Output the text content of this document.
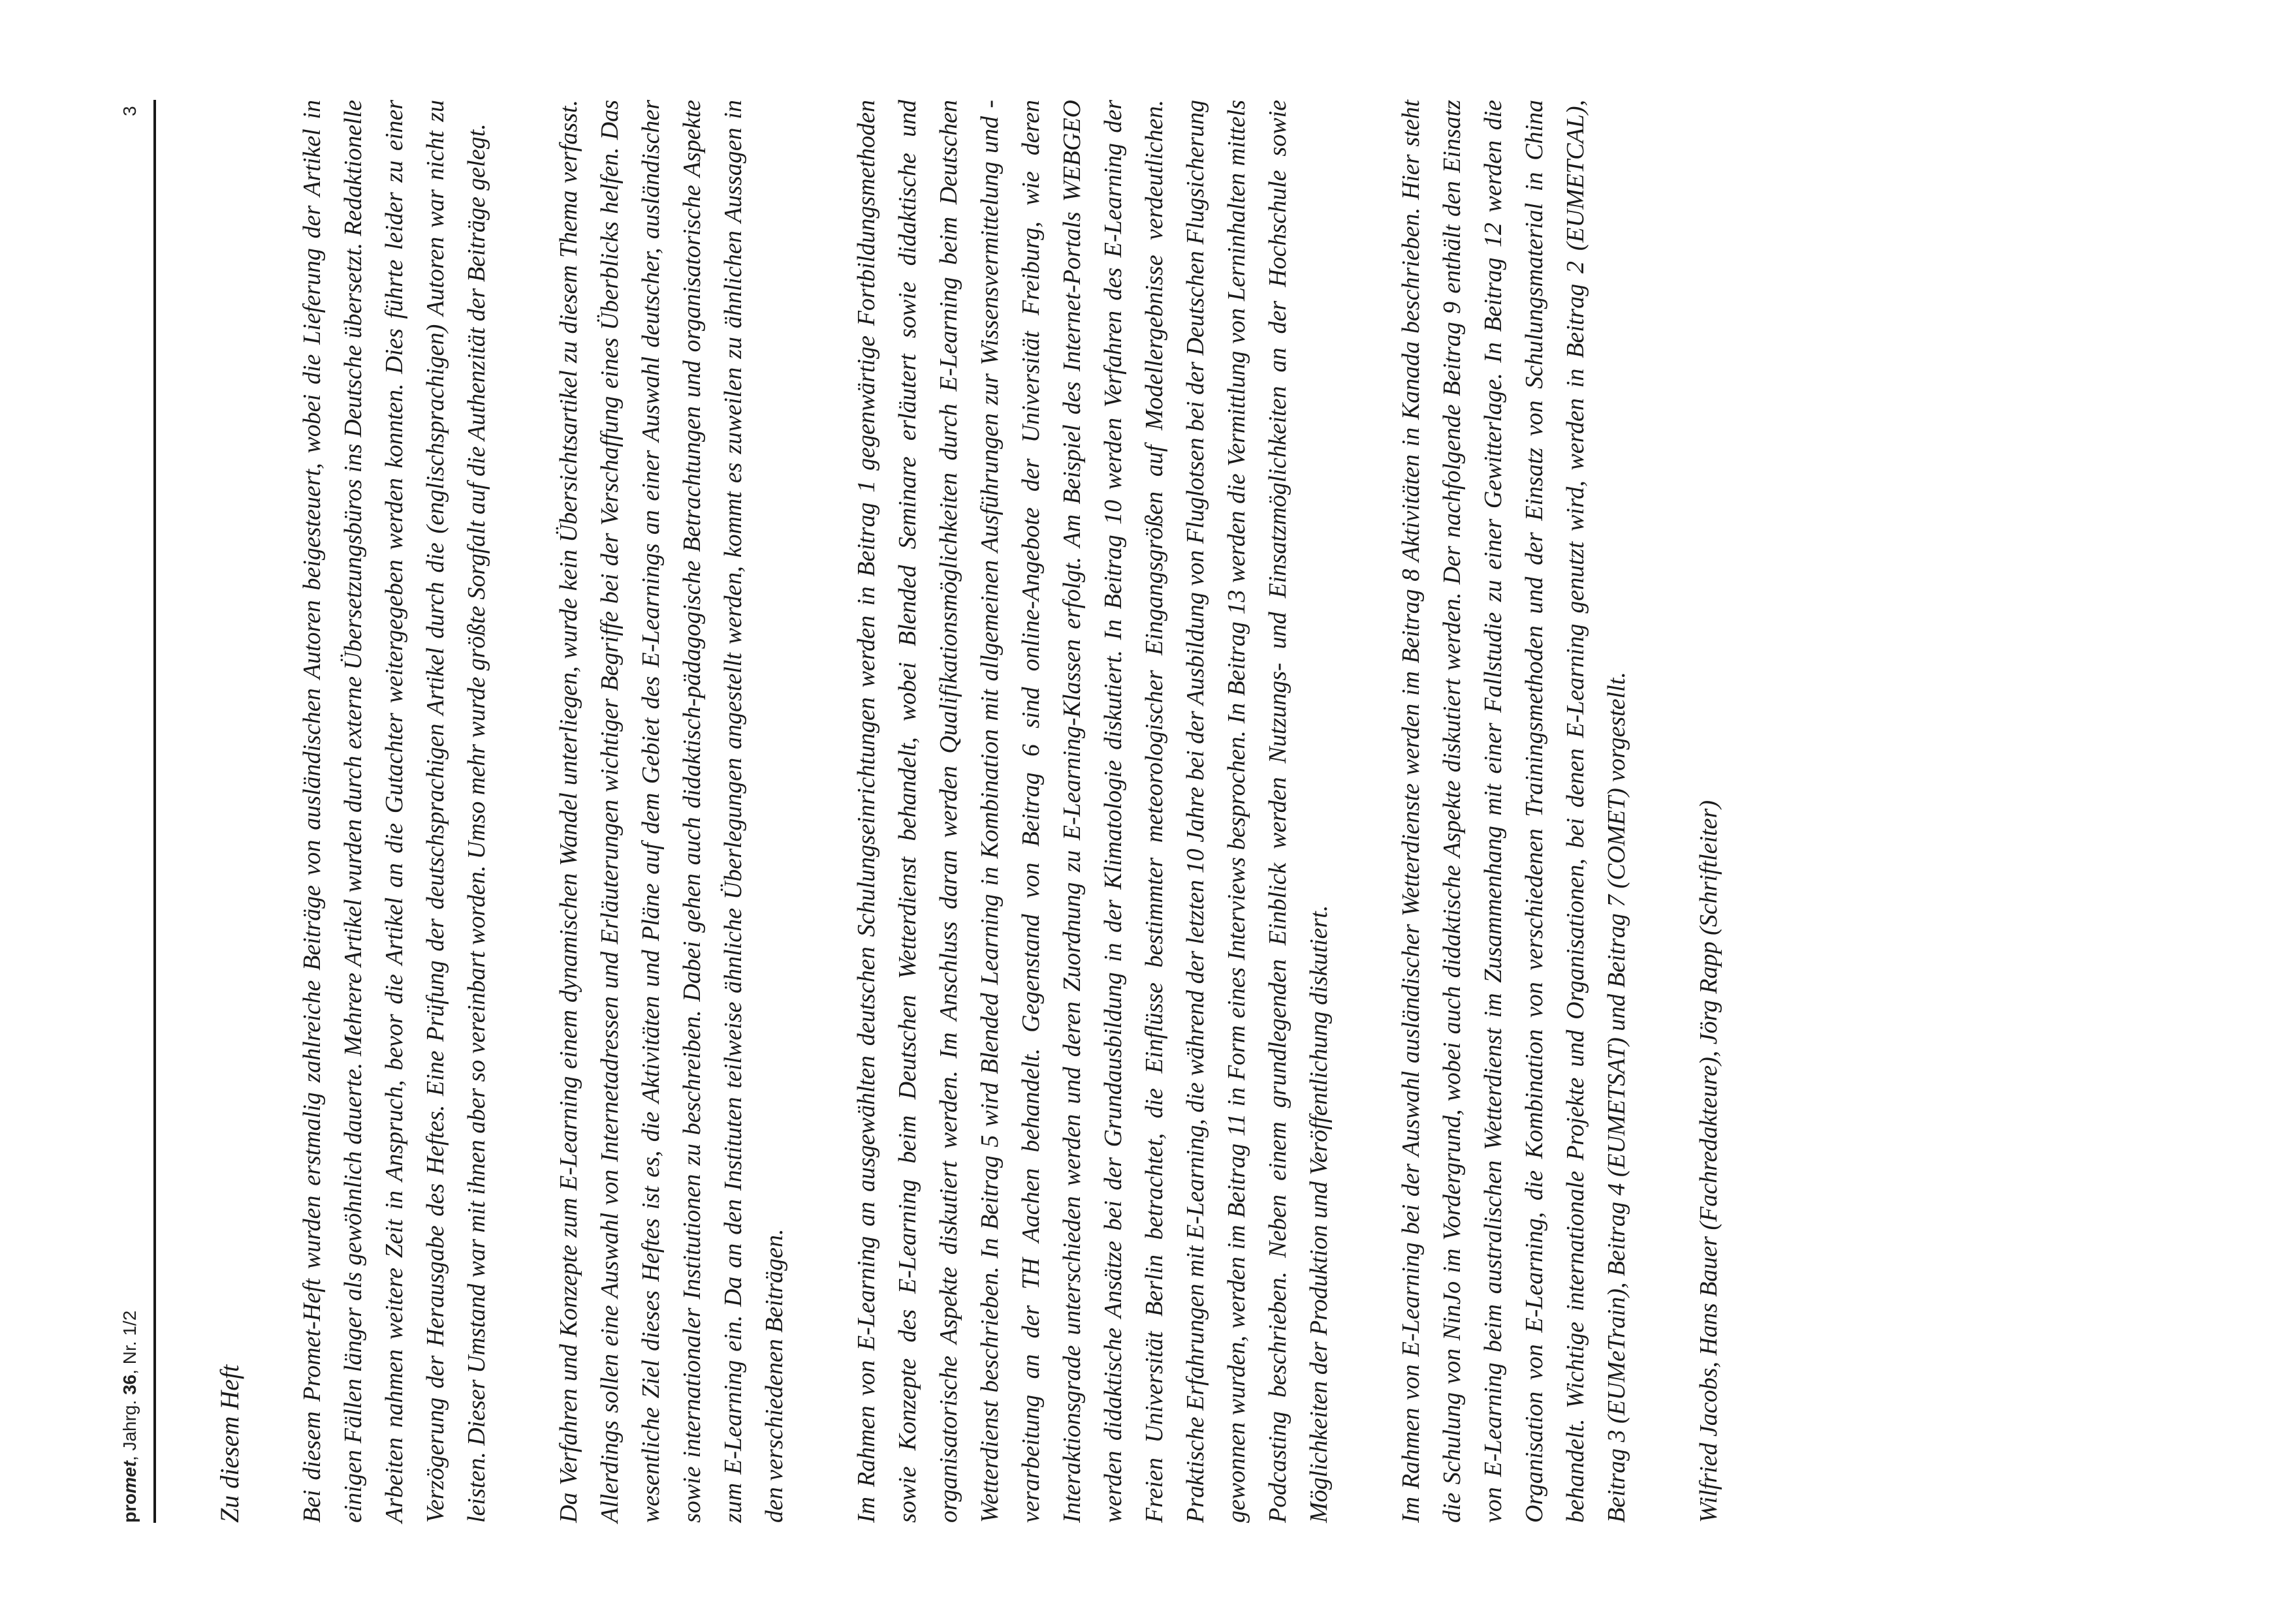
promet, Jahrg. 36, Nr. 1/2
3
Zu diesem Heft Bei diesem Promet-Heft wurden erstmalig zahlreiche Beiträge von ausländischen Autoren beigesteuert, wobei die Lieferung der Artikel in einigen Fällen länger als gewöhnlich dauerte. Mehrere Artikel wurden durch externe Übersetzungsbüros ins Deutsche übersetzt. Redaktionelle Arbeiten nahmen weitere Zeit in Anspruch, bevor die Artikel an die Gutachter weitergegeben werden konnten. Dies führte leider zu einer Verzögerung der Herausgabe des Heftes. Eine Prüfung der deutschsprachigen Artikel durch die (englischsprachigen) Autoren war nicht zu leisten. Dieser Umstand war mit ihnen aber so vereinbart worden. Umso mehr wurde größte Sorgfalt auf die Authenzität der Beiträge gelegt.	Da Verfahren und Konzepte zum E-Learning einem dynamischen Wandel unterliegen, wurde kein Übersichtsartikel zu diesem Thema verfasst. Allerdings sollen eine Auswahl von Internetadressen und Erläuterungen wichtiger Begriffe bei der Verschaffung eines Überblicks helfen. Das wesentliche Ziel dieses Heftes ist es, die Aktivitäten und Pläne auf dem Gebiet des E-Learnings an einer Auswahl deutscher, ausländischer sowie internationaler Institutionen zu beschreiben. Dabei gehen auch didaktisch-pädagogische Betrachtungen und organisatorische Aspekte zum E-Learning ein. Da an den Instituten teilweise ähnliche Überlegungen angestellt werden, kommt es zuweilen zu ähnlichen Aussagen in den verschiedenen Beiträgen.	Im Rahmen von E-Learning an ausgewählten deutschen Schulungseinrichtungen werden in Beitrag 1 gegenwärtige Fortbildungsmethoden sowie Konzepte des E-Learning beim Deutschen Wetterdienst behandelt, wobei Blended Seminare erläutert sowie didaktische und organisatorische Aspekte diskutiert werden. Im Anschluss daran werden Qualifikationsmöglichkeiten durch E-Learning beim Deutschen Wetterdienst beschrieben. In Beitrag 5 wird Blended Learning in Kombination mit allgemeinen Ausführungen zur Wissensvermittelung und -verarbeitung an der TH Aachen behandelt. Gegenstand von Beitrag 6 sind online-Angebote der Universität Freiburg, wie deren Interaktionsgrade unterschieden werden und deren Zuordnung zu E-Learning-Klassen erfolgt. Am Beispiel des Internet-Portals WEBGEO werden didaktische Ansätze bei der Grundausbildung in der Klimatologie diskutiert. In Beitrag 10 werden Verfahren des E-Learning der Freien Universität Berlin betrachtet, die Einflüsse bestimmter meteorologischer Eingangsgrößen auf Modellergebnisse verdeutlichen. Praktische Erfahrungen mit E-Learning, die während der letzten 10 Jahre bei der Ausbildung von Fluglotsen bei der Deutschen Flugsicherung gewonnen wurden, werden im Beitrag 11 in Form eines Interviews besprochen. In Beitrag 13 werden die Vermittlung von Lerninhalten mittels Podcasting beschrieben. Neben einem grundlegenden Einblick werden Nutzungs- und Einsatzmöglichkeiten an der Hochschule sowie Möglichkeiten der Produktion und Veröffentlichung diskutiert.	Im Rahmen von E-Learning bei der Auswahl ausländischer Wetterdienste werden im Beitrag 8 Aktivitäten in Kanada beschrieben. Hier steht die Schulung von NinJo im Vordergrund, wobei auch didaktische Aspekte diskutiert werden. Der nachfolgende Beitrag 9 enthält den Einsatz von E-Learning beim australischen Wetterdienst im Zusammenhang mit einer Fallstudie zu einer Gewitterlage. In Beitrag 12 werden die Organisation von E-Learning, die Kombination von verschiedenen Trainingsmethoden und der Einsatz von Schulungsmaterial in China behandelt. Wichtige internationale Projekte und Organisationen, bei denen E-Learning genutzt wird, werden in Beitrag 2 (EUMETCAL), Beitrag 3 (EUMeTrain), Beitrag 4 (EUMETSAT) und Beitrag 7 (COMET) vorgestellt.	Wilfried Jacobs, Hans Bauer (Fachredakteure), Jörg Rapp (Schriftleiter)
